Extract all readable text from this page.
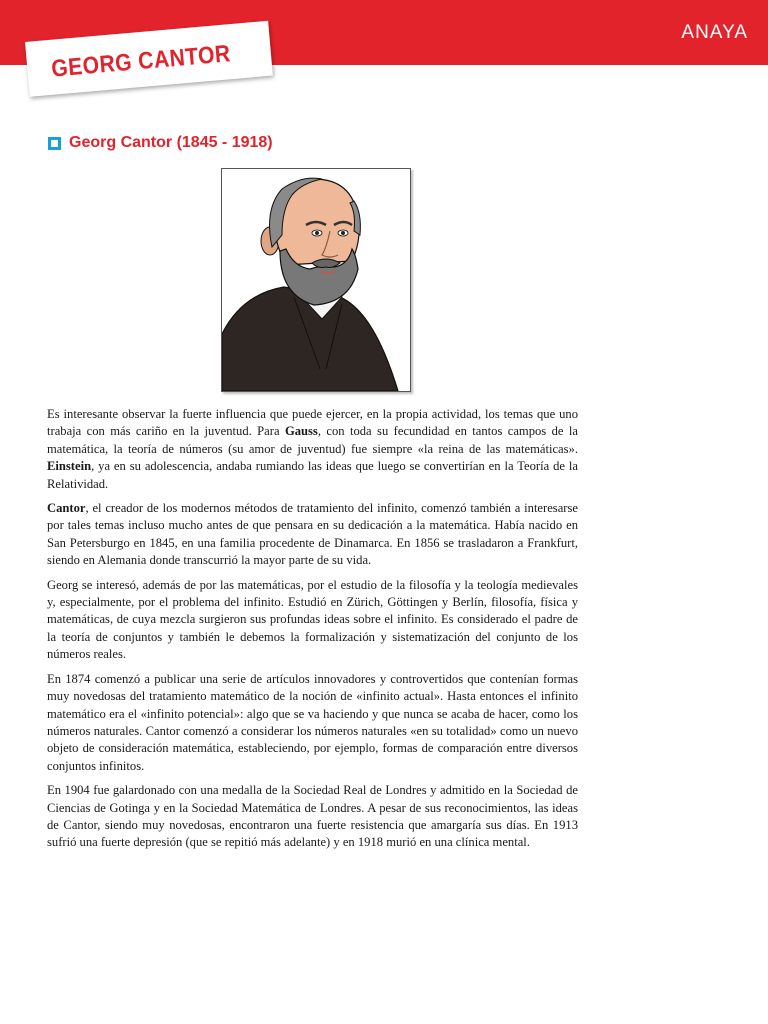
ANAYA
GEORG CANTOR
Georg Cantor (1845 - 1918)

Es interesante observar la fuerte influencia que puede ejercer, en la propia actividad, los temas que uno trabaja con más cariño en la juventud. Para Gauss, con toda su fecundidad en tantos campos de la matemática, la teoría de números (su amor de juventud) fue siempre «la reina de las matemáticas». Einstein, ya en su adolescencia, andaba rumiando las ideas que luego se convertirían en la Teoría de la Relatividad.

Cantor, el creador de los modernos métodos de tratamiento del infinito, comenzó también a interesarse por tales temas incluso mucho antes de que pensara en su dedicación a la matemática. Había nacido en San Petersburgo en 1845, en una familia procedente de Dinamarca. En 1856 se trasladaron a Frankfurt, siendo en Alemania donde transcurrió la mayor parte de su vida.

Georg se interesó, además de por las matemáticas, por el estudio de la filosofía y la teología medievales y, especialmente, por el problema del infinito. Estudió en Zürich, Göttingen y Berlín, filosofía, física y matemáticas, de cuya mezcla surgieron sus profundas ideas sobre el infinito. Es considerado el padre de la teoría de conjuntos y también le debemos la formalización y sistematización del conjunto de los números reales.

En 1874 comenzó a publicar una serie de artículos innovadores y controvertidos que contenían formas muy novedosas del tratamiento matemático de la noción de «infinito actual». Hasta entonces el infinito matemático era el «infinito potencial»: algo que se va haciendo y que nunca se acaba de hacer, como los números naturales. Cantor comenzó a considerar los números naturales «en su totalidad» como un nuevo objeto de consideración matemática, estableciendo, por ejemplo, formas de comparación entre diversos conjuntos infinitos.

En 1904 fue galardonado con una medalla de la Sociedad Real de Londres y admitido en la Sociedad de Ciencias de Gotinga y en la Sociedad Matemática de Londres. A pesar de sus reconocimientos, las ideas de Cantor, siendo muy novedosas, encontraron una fuerte resistencia que amargaría sus días. En 1913 sufrió una fuerte depresión (que se repitió más adelante) y en 1918 murió en una clínica mental.
